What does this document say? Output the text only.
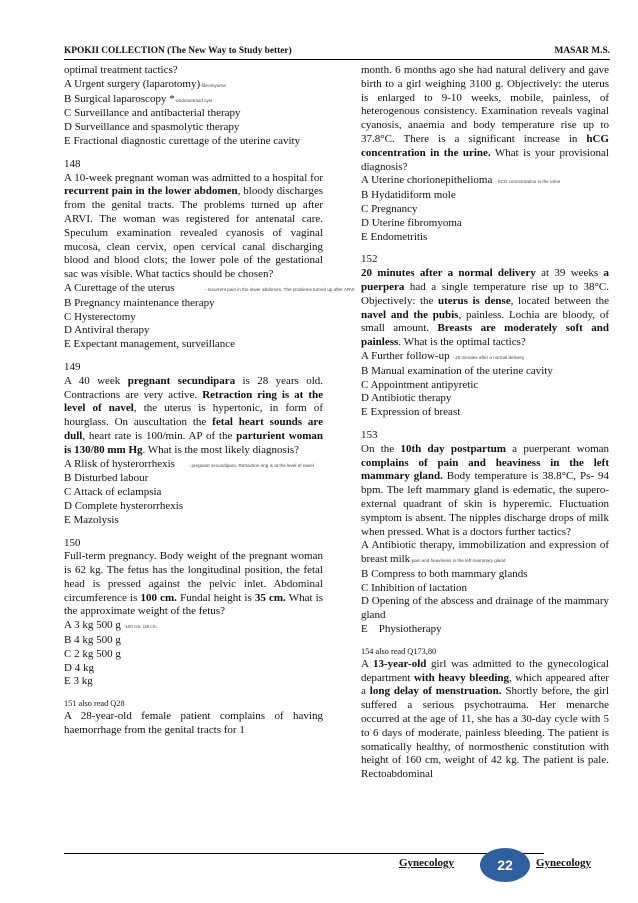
KPOKII COLLECTION (The New Way to Study better)	MASAR M.S.
optimal treatment tactics?
A Urgent surgery (laparotomy)-fibromyoma
B Surgical laparoscopy *-endometrioid cyst
C Surveillance and antibacterial therapy
D Surveillance and spasmolytic therapy
E Fractional diagnostic curettage of the uterine cavity
148
A 10-week pregnant woman was admitted to a hospital for recurrent pain in the lower abdomen, bloody discharges from the genital tracts. The problems turned up after ARVI. The woman was registered for antenatal care. Speculum examination revealed cyanosis of vaginal mucosa, clean cervix, open cervical canal discharging blood and blood clots; the lower pole of the gestational sac was visible. What tactics should be chosen?
A Curettage of the uterus	- recurrent pain in the lower abdomen, The problems turned up after ARVI
B Pregnancy maintenance therapy
C Hysterectomy
D Antiviral therapy
E Expectant management, surveillance
149
A 40 week pregnant secundipara is 28 years old. Contractions are very active. Retraction ring is at the level of navel, the uterus is hypertonic, in form of hourglass. On auscultation the fetal heart sounds are dull, heart rate is 100/min. AP of the parturient woman is 130/80 mm Hg. What is the most likely diagnosis?
A Rlisk of hysterorrhexis	- pregnant secundipara, Retraction ring is at the level of navel
B Disturbed labour
C Attack of eclampsia
D Complete hysterorrhexis
E Mazolysis
150
Full-term pregnancy. Body weight of the pregnant woman is 62 kg. The fetus has the longitudinal position, the fetal head is pressed against the pelvic inlet. Abdominal circumference is 100 cm. Fundal height is 35 cm. What is the approximate weight of the fetus?
A 3 kg 500 g -100 cm. \35 cm.
B 4 kg 500 g
C 2 kg 500 g
D 4 kg
E 3 kg
151 also read Q28
A 28-year-old female patient complains of having haemorrhage from the genital tracts for 1
month. 6 months ago she had natural delivery and gave birth to a girl weighing 3100 g. Objectively: the uterus is enlarged to 9-10 weeks, mobile, painless, of heterogenous consistency. Examination reveals vaginal cyanosis, anaemia and body temperature rise up to 37.8°C. There is a significant increase in hCG concentration in the urine. What is your provisional diagnosis?
A Uterine chorionepithelioma - hCG concentration in the urine
B Hydatidiform mole
C Pregnancy
D Uterine fibromyoma
E Endometritis
152
20 minutes after a normal delivery at 39 weeks a puerpera had a single temperature rise up to 38°C. Objectively: the uterus is dense, located between the navel and the pubis, painless. Lochia are bloody, of small amount. Breasts are moderately soft and painless. What is the optimal tactics?
A Further follow-up - 20 minutes after a normal delivery
B Manual examination of the uterine cavity
C Appointment antipyretic
D Antibiotic therapy
E Expression of breast
153
On the 10th day postpartum a puerperant woman complains of pain and heaviness in the left mammary gland. Body temperature is 38.8°C, Ps- 94 bpm. The left mammary gland is edematic, the supero-external quadrant of skin is hyperemic. Fluctuation symptom is absent. The nipples discharge drops of milk when pressed. What is a doctors further tactics?
A Antibiotic therapy, immobilization and expression of breast milk-pain and heaviness in the left mammary gland
B Compress to both mammary glands
C Inhibition of lactation
D Opening of the abscess and drainage of the mammary gland
E    Physiotherapy
154 also read Q173,80
A 13-year-old girl was admitted to the gynecological department with heavy bleeding, which appeared after a long delay of menstruation. Shortly before, the girl suffered a serious psychotrauma. Her menarche occurred at the age of 11, she has a 30-day cycle with 5 to 6 days of moderate, painless bleeding. The patient is somatically healthy, of normosthenic constitution with height of 160 cm, weight of 42 kg. The patient is pale. Rectoabdominal
Gynecology	Gynecology
22
